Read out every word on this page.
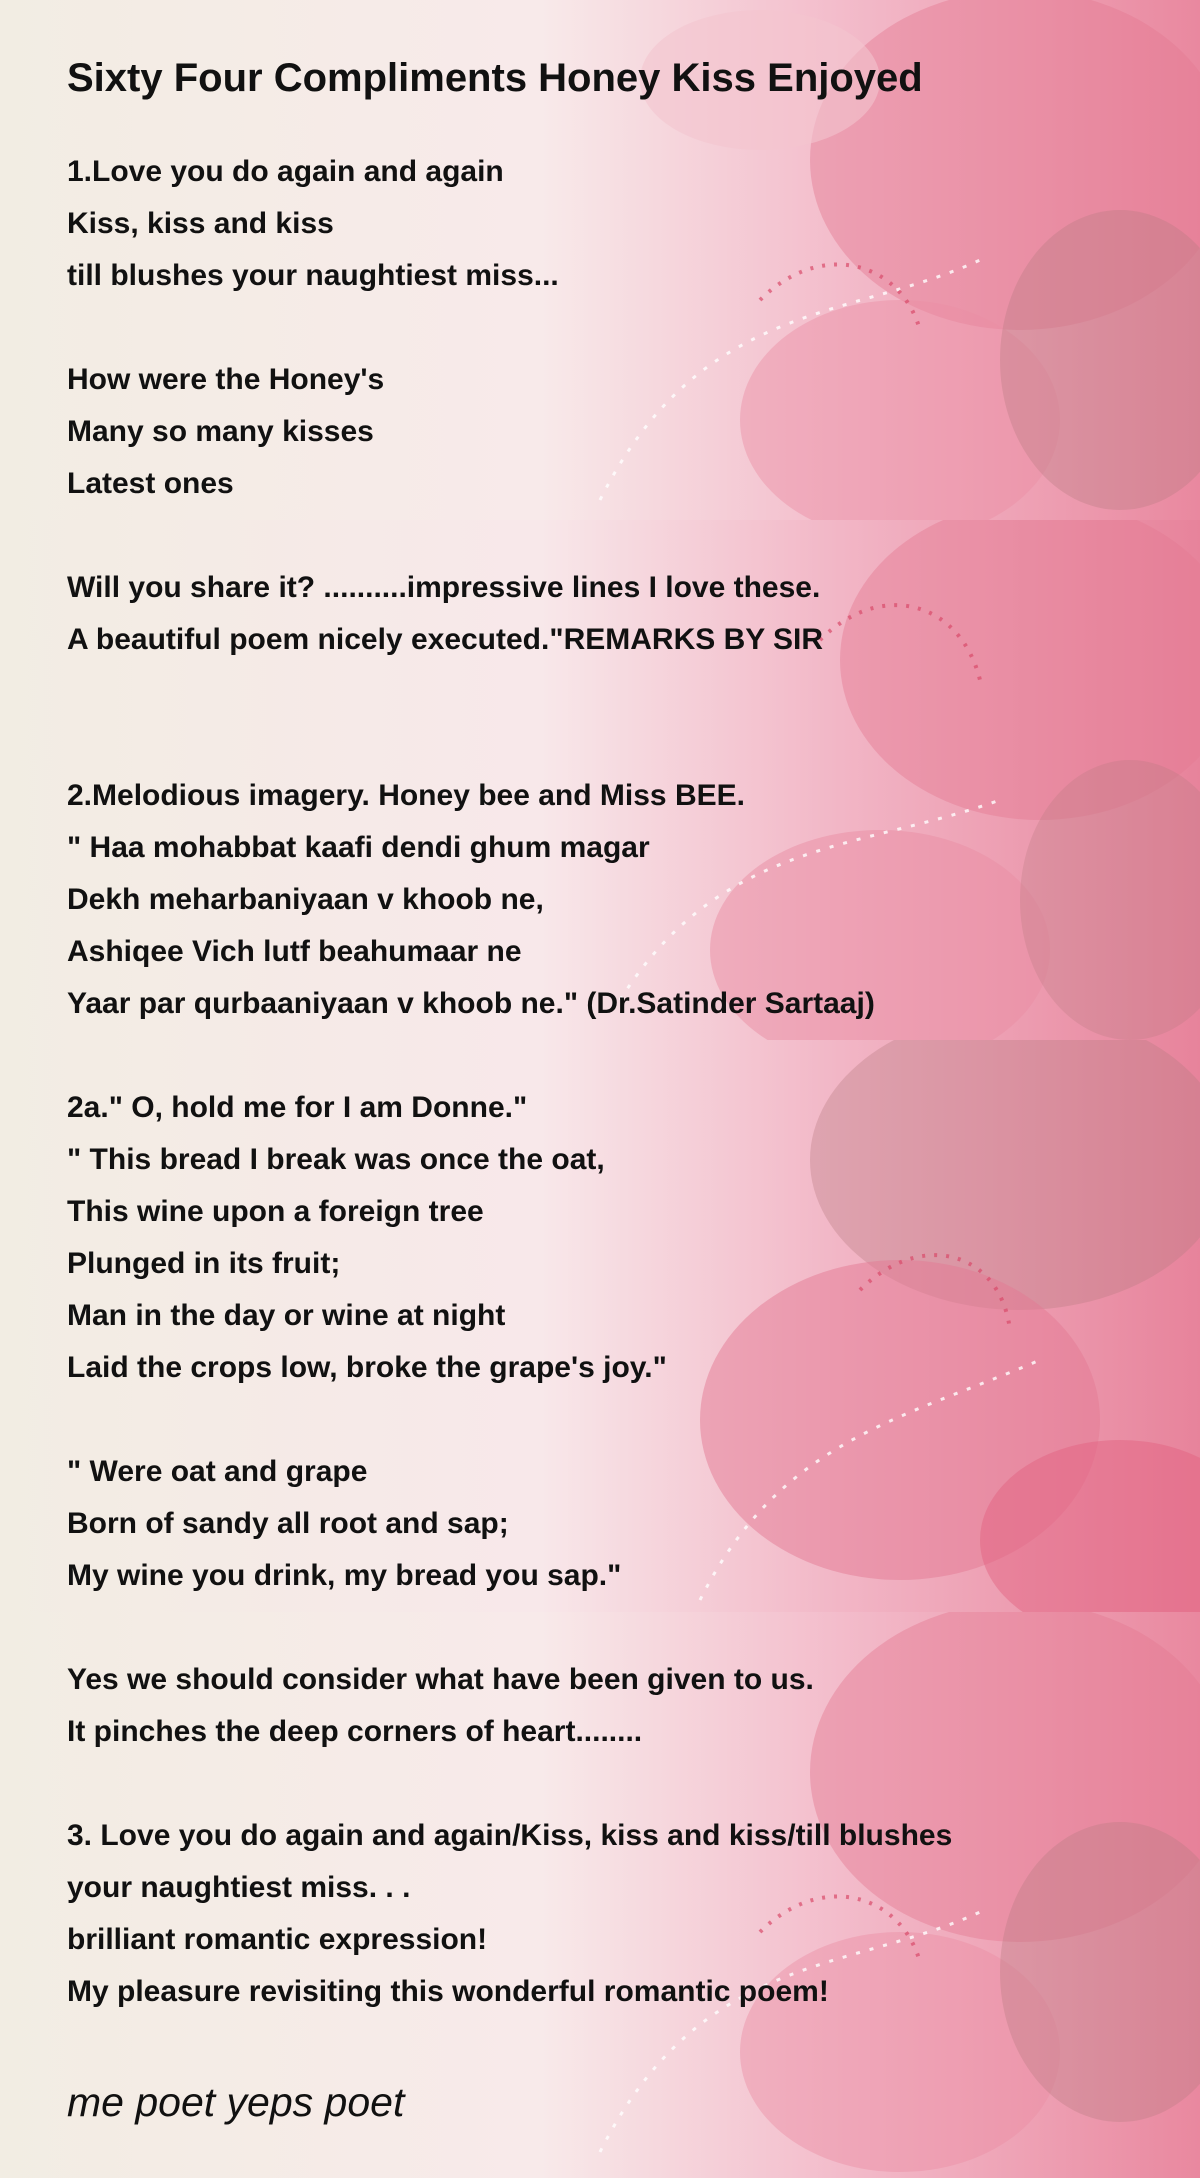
Sixty Four Compliments Honey Kiss Enjoyed
1.Love you do again and again
Kiss, kiss and kiss
till blushes your naughtiest miss...
How were the Honey's
Many so many kisses
Latest ones
Will you share it? ..........impressive lines I love these.
A beautiful poem nicely executed."REMARKS BY SIR
2.Melodious imagery. Honey bee and Miss BEE.
" Haa mohabbat kaafi dendi ghum magar
Dekh meharbaniyaan v khoob ne,
Ashiqee Vich lutf beahumaar ne
Yaar par qurbaaniyaan v khoob ne." (Dr.Satinder Sartaaj)
2a." O, hold me for I am Donne."
" This bread I break was once the oat,
This wine upon a foreign tree
Plunged in its fruit;
Man in the day or wine at night
Laid the crops low, broke the grape's joy."
" Were oat and grape
Born of sandy all root and sap;
My wine you drink, my bread you sap."
Yes we should consider what have been given to us.
It pinches the deep corners of heart........
3. Love you do again and again/Kiss, kiss and kiss/till blushes
your naughtiest miss. . .
brilliant romantic expression!
My pleasure revisiting this wonderful romantic poem!
me poet yeps poet
